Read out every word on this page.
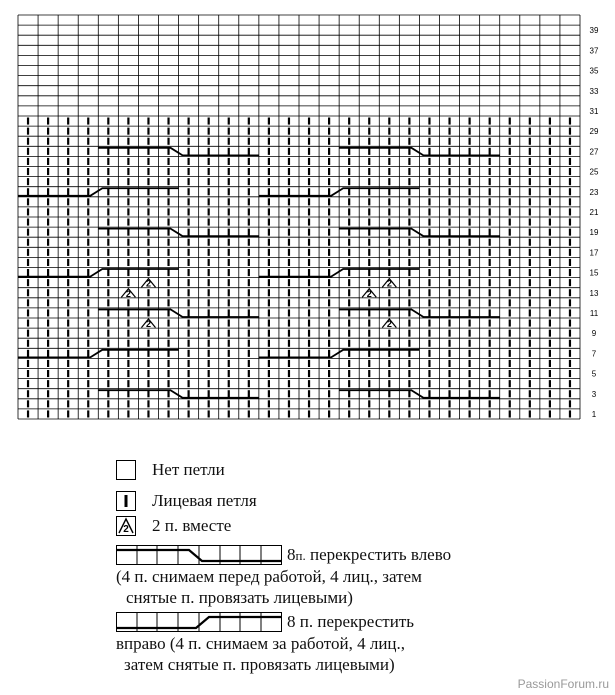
2	2
2	2
2	2
1
3
5
7
9
11
13
15
17
19
21
23
25
27
29
31
33
35
37
39
Нет петли
Лицевая петля
2 2 п. вместе
8п. перекрестить влево
(4 п. снимаем перед работой, 4 лиц., затем
снятые п. провязать лицевыми)
8 п. перекрестить
вправо (4 п. снимаем за работой, 4 лиц.,
затем снятые п. провязать лицевыми)
PassionForum.ru
